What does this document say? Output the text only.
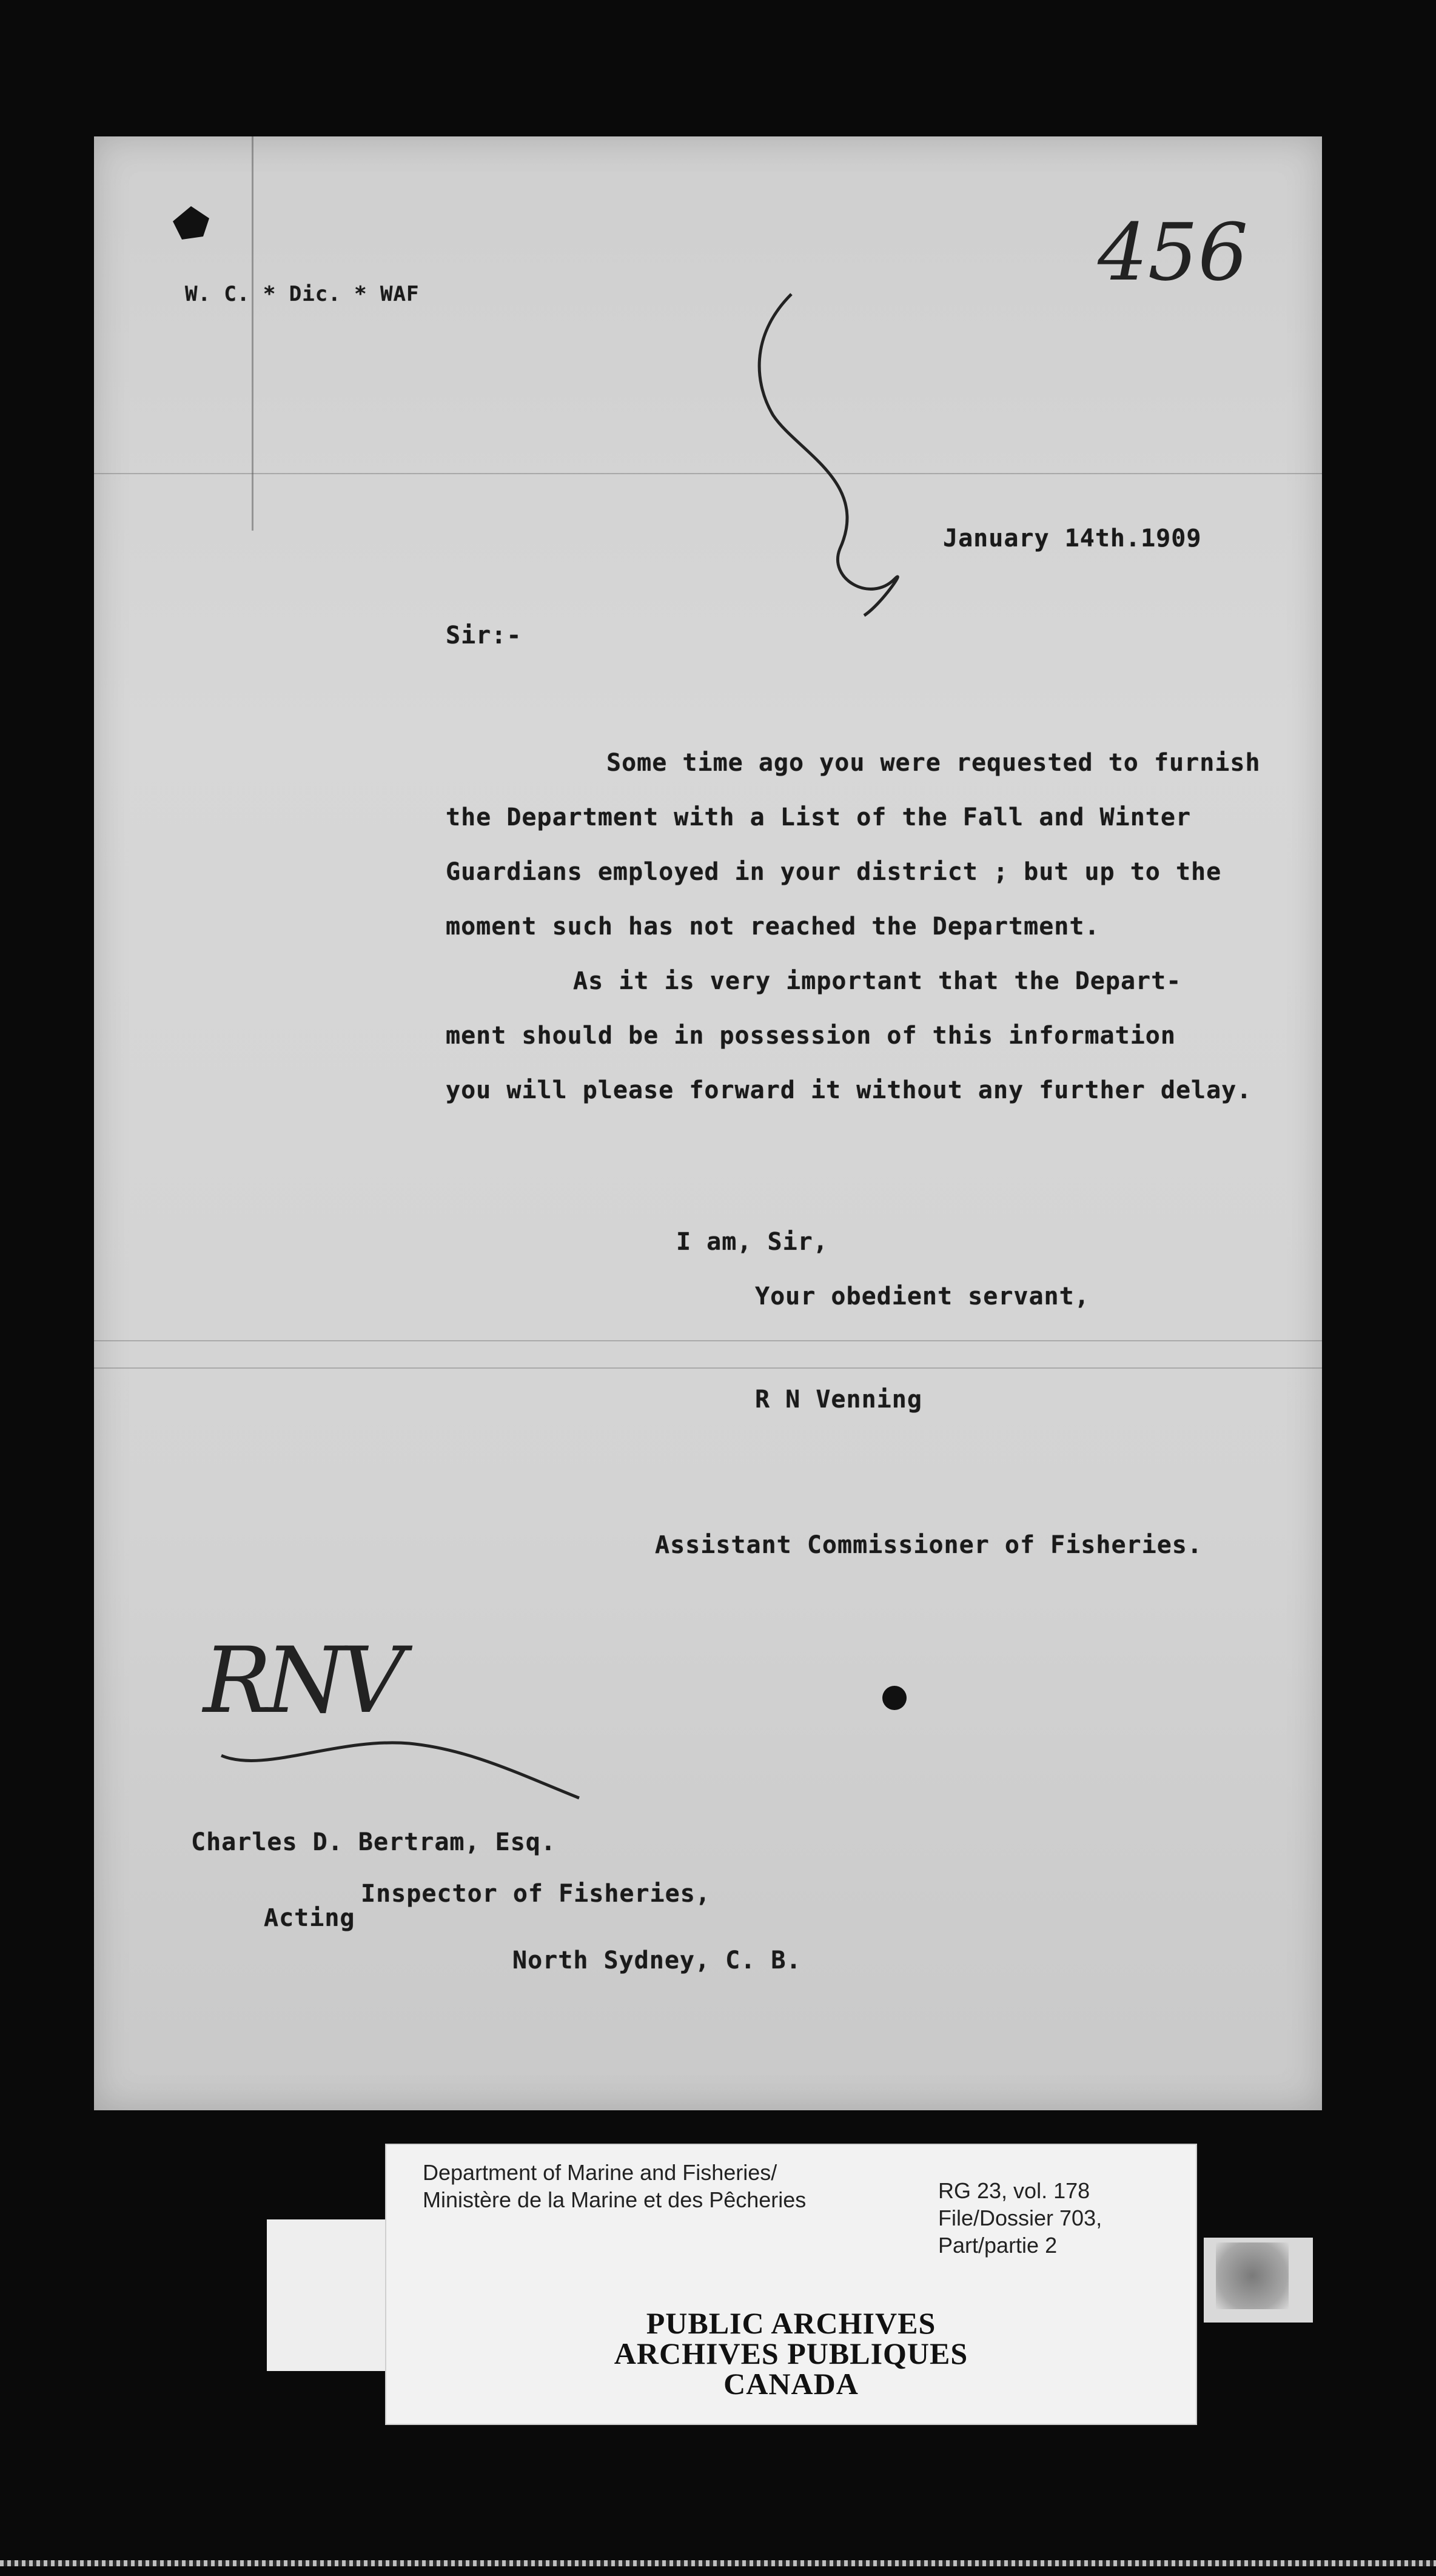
456
W. C. * Dic. * WAF
January 14th.1909
Sir:-
Some time ago you were requested to furnish
the Department with a List of the Fall and Winter
Guardians employed in your district ; but up to the
moment such has not reached the Department.
As it is very important that the Depart-
ment should be in possession of this information
you will please forward it without any further delay.
I am, Sir,
Your obedient servant,
R N Venning
Assistant Commissioner of Fisheries.
RNV
Charles D. Bertram, Esq.
Inspector of Fisheries,
Acting
North Sydney, C. B.
Department of Marine and Fisheries/
Ministère de la Marine et des Pêcheries	RG 23, vol. 178
File/Dossier 703,
Part/partie 2
PUBLIC ARCHIVES
ARCHIVES PUBLIQUES
CANADA
